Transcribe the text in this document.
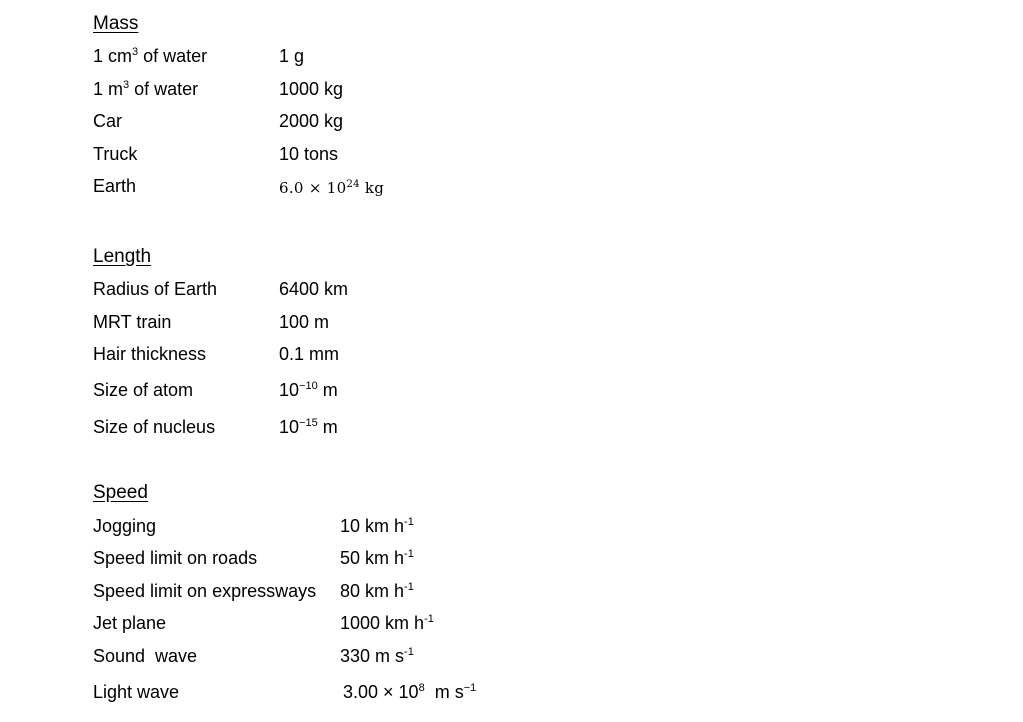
Mass
1 $cm^3$ of water	1 g
1 $m^3$ of water	1000 kg
Car	2000 kg
Truck	10 tons
Earth	$6.0 \times 10^{24}$ kg
Length
Radius of Earth	6400 km
MRT train	100 m
Hair thickness	0.1 mm
Size of atom	$10^{-10}$ m
Size of nucleus	$10^{-15}$ m
Speed
Jogging	10 km $h^{-1}$
Speed limit on roads	50 km $h^{-1}$
Speed limit on expressways 80 km $h^{-1}$
Jet plane	1000 km $h^{-1}$
Sound  wave	330 m $s^{-1}$
Light wave	$3.00 \times 10^8$  m $s^{-1}$
